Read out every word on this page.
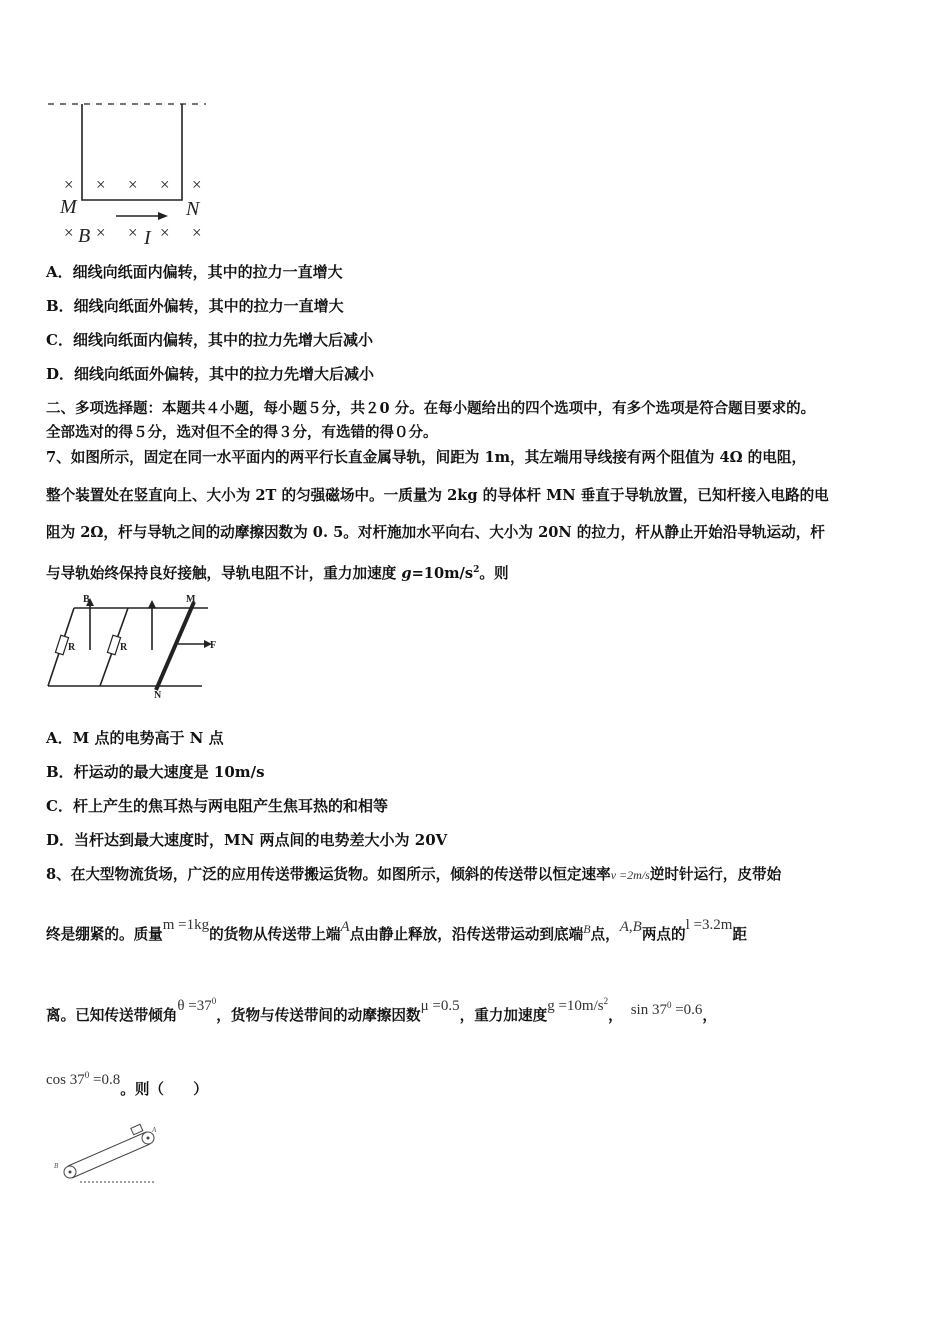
× × × × ×
× × × × ×
M	N
B	I
A．细线向纸面内偏转，其中的拉力一直增大
B．细线向纸面外偏转，其中的拉力一直增大
C．细线向纸面内偏转，其中的拉力先增大后减小
D．细线向纸面外偏转，其中的拉力先增大后减小
二、多项选择题：本题共４小题，每小题５分，共２0 分。在每小题给出的四个选项中，有多个选项是符合题目要求的。
全部选对的得５分，选对但不全的得３分，有选错的得０分。
7、如图所示，固定在同一水平面内的两平行长直金属导轨，间距为 1m，其左端用导线接有两个阻值为 4Ω 的电阻，
整个装置处在竖直向上、大小为 2T 的匀强磁场中。一质量为 2kg 的导体杆 MN 垂直于导轨放置，已知杆接入电路的电
阻为 2Ω，杆与导轨之间的动摩擦因数为 0. 5。对杆施加水平向右、大小为 20N 的拉力，杆从静止开始沿导轨运动，杆
与导轨始终保持良好接触，导轨电阻不计，重力加速度 $g=10m/s^2$。则
B	M
N
F
R	R
A．M 点的电势高于 N 点
B．杆运动的最大速度是 10m/s
C．杆上产生的焦耳热与两电阻产生焦耳热的和相等
D．当杆达到最大速度时，MN 两点间的电势差大小为 20V
8、在大型物流货场，广泛的应用传送带搬运货物。如图所示，倾斜的传送带以恒定速率v =2m/s逆时针运行，皮带始
终是绷紧的。质量m =1kg的货物从传送带上端A点由静止释放，沿传送带运动到底端$^B$点，A,B两点的l =3.2m距
离。已知传送带倾角$\theta =37^0$，货物与传送带间的动摩擦因数μ =0.5，重力加速度$g =10m/s^2$， $\sin 37^0 =0.6$，
$\cos 37^0 =0.8$。则（　　）
B
A
